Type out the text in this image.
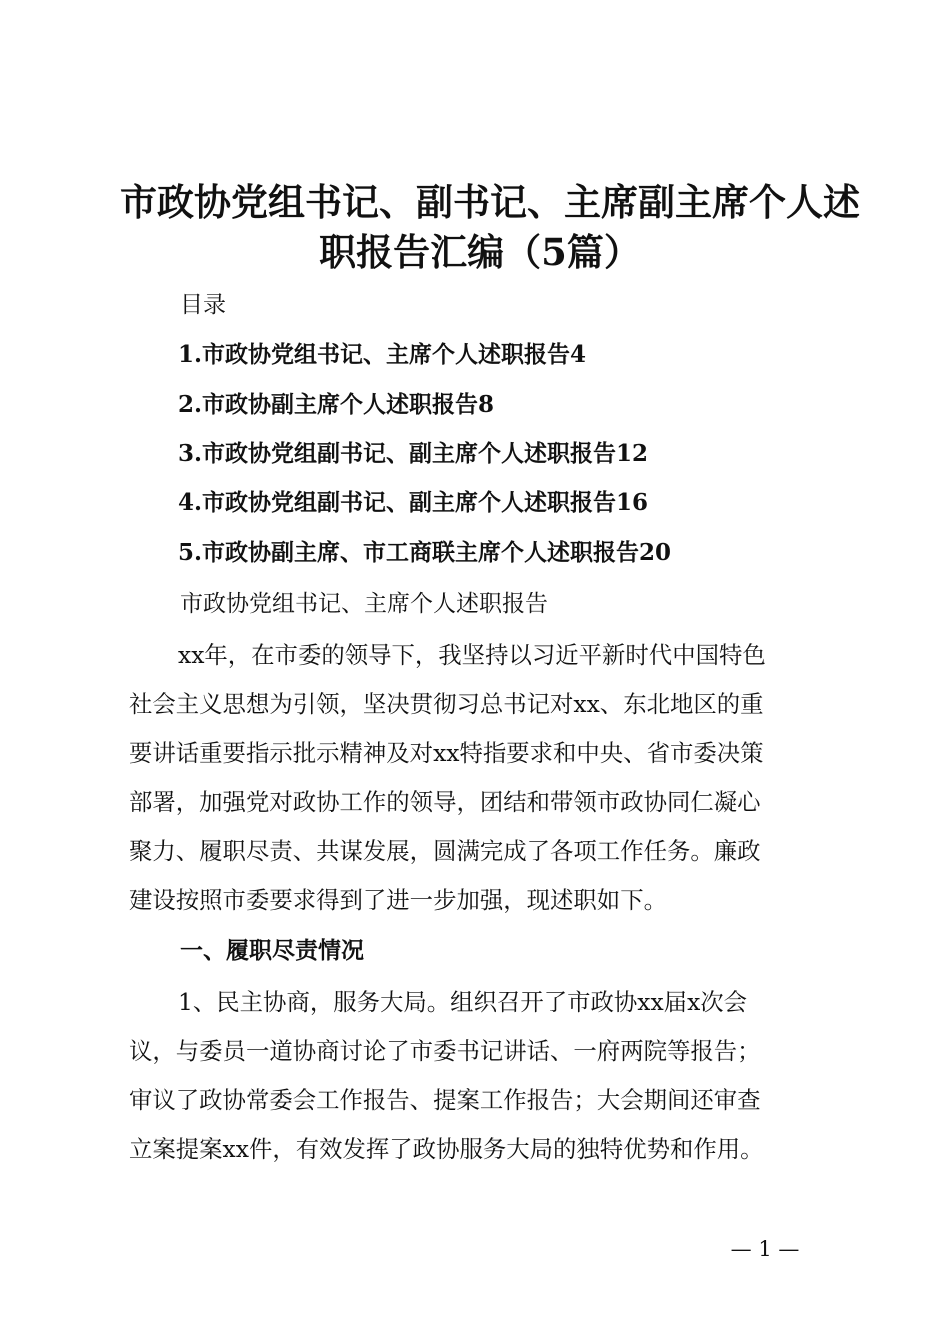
市政协党组书记、副书记、主席副主席个人述
职报告汇编（5篇）
目录
1.市政协党组书记、主席个人述职报告4
2.市政协副主席个人述职报告8
3.市政协党组副书记、副主席个人述职报告12
4.市政协党组副书记、副主席个人述职报告16
5.市政协副主席、市工商联主席个人述职报告20
市政协党组书记、主席个人述职报告
xx年，在市委的领导下，我坚持以习近平新时代中国特色
社会主义思想为引领，坚决贯彻习总书记对xx、东北地区的重
要讲话重要指示批示精神及对xx特指要求和中央、省市委决策
部署，加强党对政协工作的领导，团结和带领市政协同仁凝心
聚力、履职尽责、共谋发展，圆满完成了各项工作任务。廉政
建设按照市委要求得到了进一步加强，现述职如下。
一、履职尽责情况
1、民主协商，服务大局。组织召开了市政协xx届x次会
议，与委员一道协商讨论了市委书记讲话、一府两院等报告；
审议了政协常委会工作报告、提案工作报告；大会期间还审查
立案提案xx件，有效发挥了政协服务大局的独特优势和作用。
— 1 —
